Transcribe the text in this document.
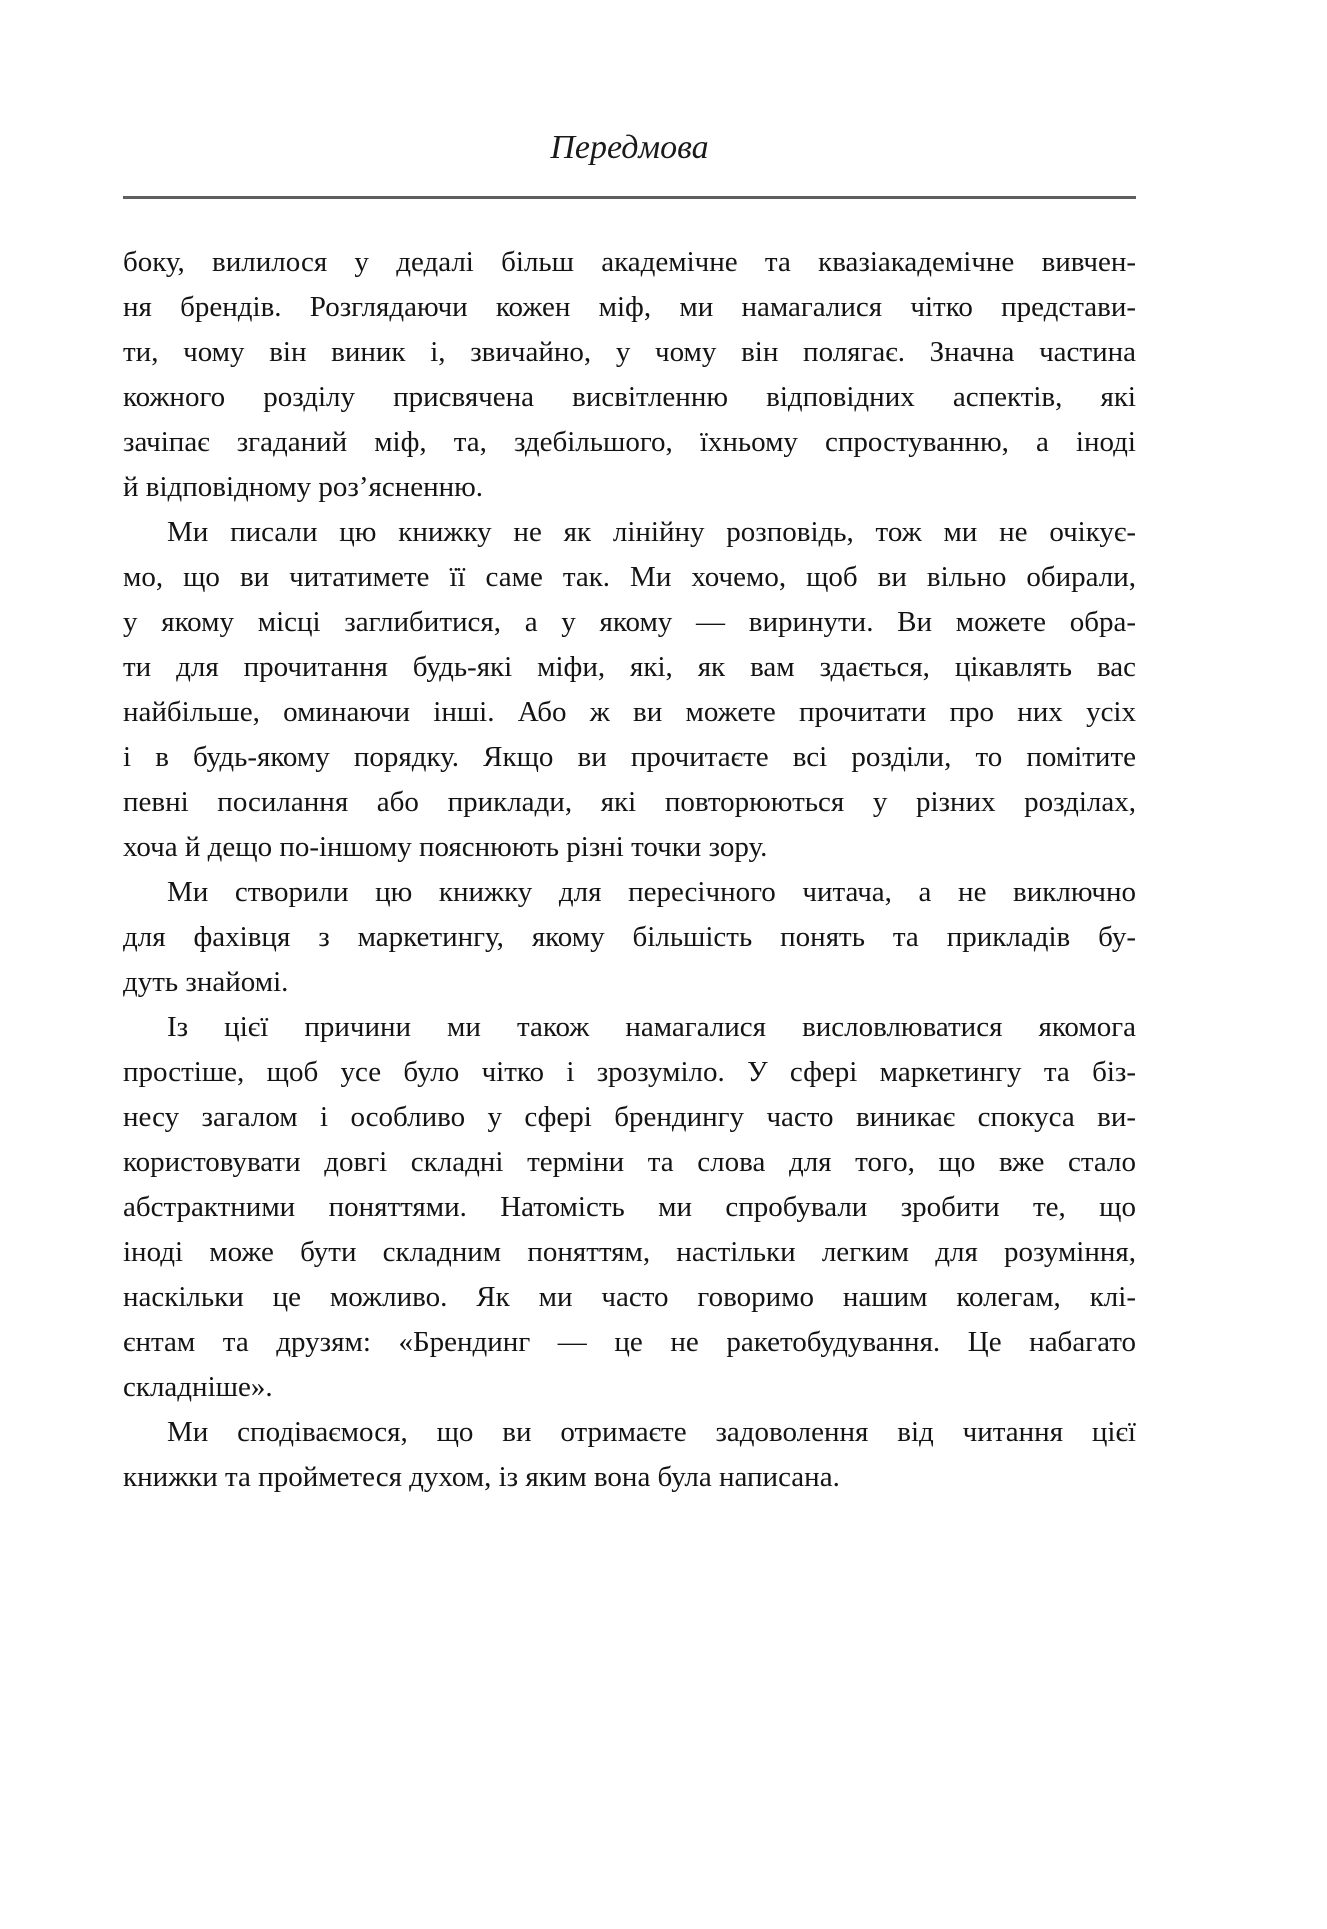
Передмова
боку, вилилося у дедалі більш академічне та квазіакадемічне вивчен-
ня брендів. Розглядаючи кожен міф, ми намагалися чітко представи-
ти, чому він виник і, звичайно, у чому він полягає. Значна частина
кожного розділу присвячена висвітленню відповідних аспектів, які
зачіпає згаданий міф, та, здебільшого, їхньому спростуванню, а іноді
й відповідному роз’ясненню.
Ми писали цю книжку не як лінійну розповідь, тож ми не очікує-
мо, що ви читатимете її саме так. Ми хочемо, щоб ви вільно обирали,
у якому місці заглибитися, а у якому — виринути. Ви можете обра-
ти для прочитання будь-які міфи, які, як вам здається, цікавлять вас
найбільше, оминаючи інші. Або ж ви можете прочитати про них усіх
і в будь-якому порядку. Якщо ви прочитаєте всі розділи, то помітите
певні посилання або приклади, які повторюються у різних розділах,
хоча й дещо по-іншому пояснюють різні точки зору.
Ми створили цю книжку для пересічного читача, а не виключно
для фахівця з маркетингу, якому більшість понять та прикладів бу-
дуть знайомі.
Із цієї причини ми також намагалися висловлюватися якомога
простіше, щоб усе було чітко і зрозуміло. У сфері маркетингу та біз-
несу загалом і особливо у сфері брендингу часто виникає спокуса ви-
користовувати довгі складні терміни та слова для того, що вже стало
абстрактними поняттями. Натомість ми спробували зробити те, що
іноді може бути складним поняттям, настільки легким для розуміння,
наскільки це можливо. Як ми часто говоримо нашим колегам, клі-
єнтам та друзям: «Брендинг — це не ракетобудування. Це набагато
складніше».
Ми сподіваємося, що ви отримаєте задоволення від читання цієї
книжки та пройметеся духом, із яким вона була написана.
